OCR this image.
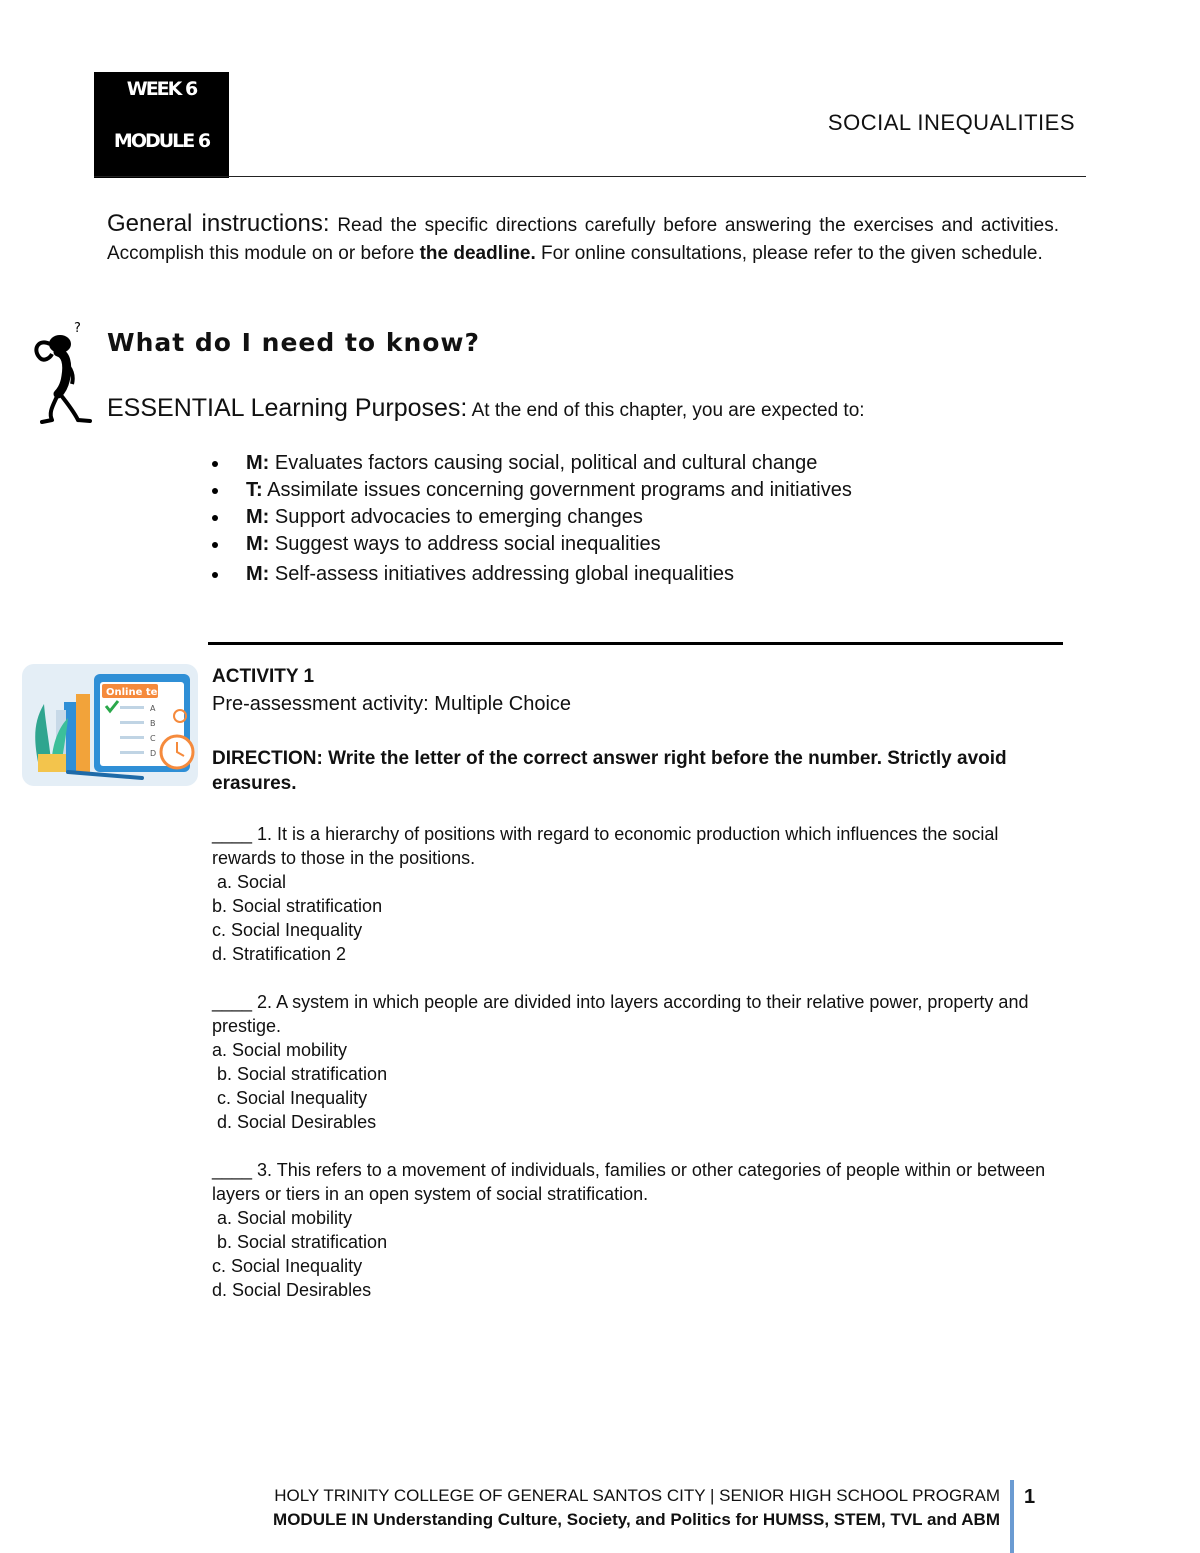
WEEK 6
MODULE 6
SOCIAL INEQUALITIES
General instructions: Read the specific directions carefully before answering the exercises and activities. Accomplish this module on or before the deadline. For online consultations, please refer to the given schedule.
? What do I need to know?
ESSENTIAL Learning Purposes: At the end of this chapter, you are expected to:
M: Evaluates factors causing social, political and cultural change
T: Assimilate issues concerning government programs and initiatives
M: Support advocacies to emerging changes
M: Suggest ways to address social inequalities
M: Self-assess initiatives addressing global inequalities
Online test
A
B
C
D
ACTIVITY 1
Pre-assessment activity: Multiple Choice
DIRECTION: Write the letter of the correct answer right before the number. Strictly avoid erasures.

____ 1. It is a hierarchy of positions with regard to economic production which influences the social rewards to those in the positions.

a. Social

b. Social stratification

c. Social Inequality

d. Stratification 2

____ 2. A system in which people are divided into layers according to their relative power, property and prestige.

a. Social mobility

b. Social stratification

c. Social Inequality

d. Social Desirables

____ 3. This refers to a movement of individuals, families or other categories of people within or between layers or tiers in an open system of social stratification.

a. Social mobility

b. Social stratification

c. Social Inequality

d. Social Desirables

HOLY TRINITY COLLEGE OF GENERAL SANTOS CITY | SENIOR HIGH SCHOOL PROGRAM
MODULE IN Understanding Culture, Society, and Politics for HUMSS, STEM, TVL and ABM
1
